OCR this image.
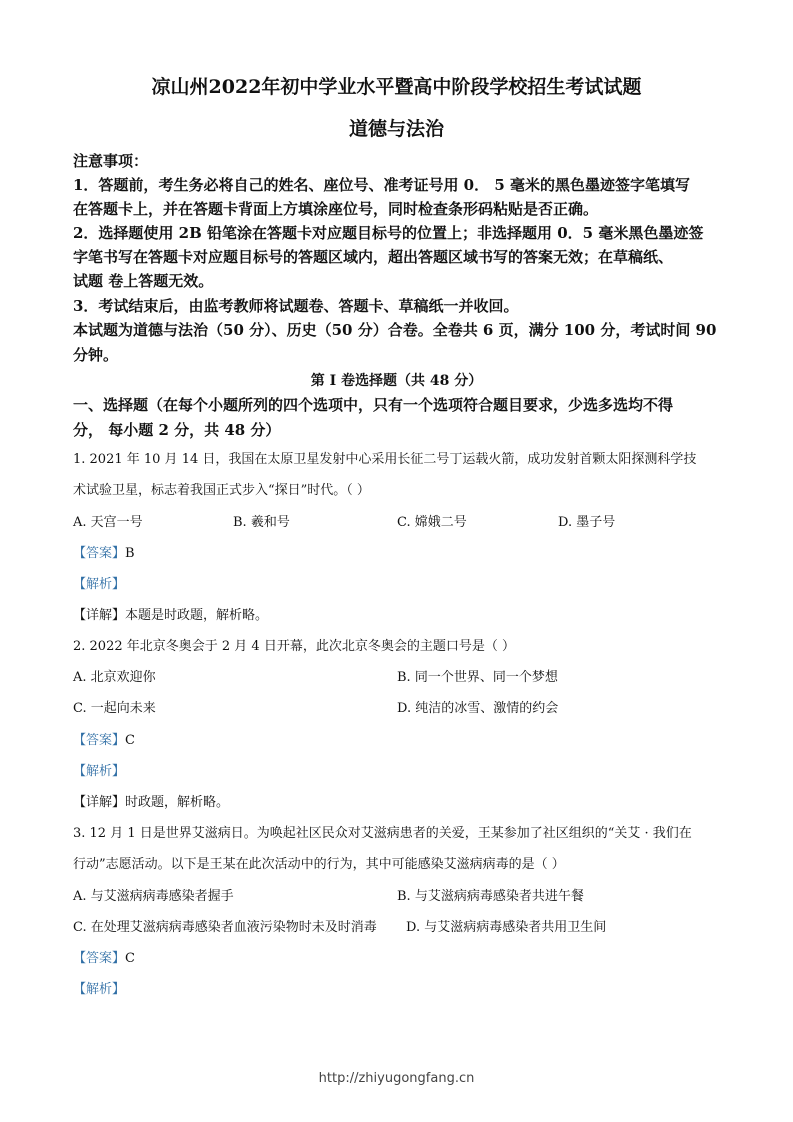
凉山州2022年初中学业水平暨高中阶段学校招生考试试题
道德与法治
注意事项：
1．答题前，考生务必将自己的姓名、座位号、准考证号用 0． 5 毫米的黑色墨迹签字笔填写
在答题卡上，并在答题卡背面上方填涂座位号，同时检查条形码粘贴是否正确。
2．选择题使用 2B 铅笔涂在答题卡对应题目标号的位置上；非选择题用 0．5 毫米黑色墨迹签
字笔书写在答题卡对应题目标号的答题区域内，超出答题区域书写的答案无效；在草稿纸、
试题 卷上答题无效。
3．考试结束后，由监考教师将试题卷、答题卡、草稿纸一并收回。
本试题为道德与法治（50 分）、历史（50 分）合卷。全卷共 6 页，满分 100 分，考试时间 90
分钟。
第 I 卷选择题（共 48 分）
一、选择题（在每个小题所列的四个选项中，只有一个选项符合题目要求，少选多选均不得
分， 每小题 2 分，共 48 分）
1. 2021 年 10 月 14 日，我国在太原卫星发射中心采用长征二号丁运载火箭，成功发射首颗太阳探测科学技
术试验卫星，标志着我国正式步入“探日”时代。（ ）
A. 天宫一号	B. 羲和号	C. 嫦娥二号	D. 墨子号
【答案】B
【解析】
【详解】本题是时政题，解析略。
2. 2022 年北京冬奥会于 2 月 4 日开幕，此次北京冬奥会的主题口号是（ ）
A. 北京欢迎你	B. 同一个世界、同一个梦想
C. 一起向未来	D. 纯洁的冰雪、激情的约会
【答案】C
【解析】
【详解】时政题，解析略。
3. 12 月 1 日是世界艾滋病日。为唤起社区民众对艾滋病患者的关爱，王某参加了社区组织的“关艾 · 我们在
行动”志愿活动。以下是王某在此次活动中的行为，其中可能感染艾滋病病毒的是（ ）
A. 与艾滋病病毒感染者握手	B. 与艾滋病病毒感染者共进午餐
C. 在处理艾滋病病毒感染者血液污染物时未及时消毒 D. 与艾滋病病毒感染者共用卫生间
【答案】C
【解析】
http://zhiyugongfang.cn
